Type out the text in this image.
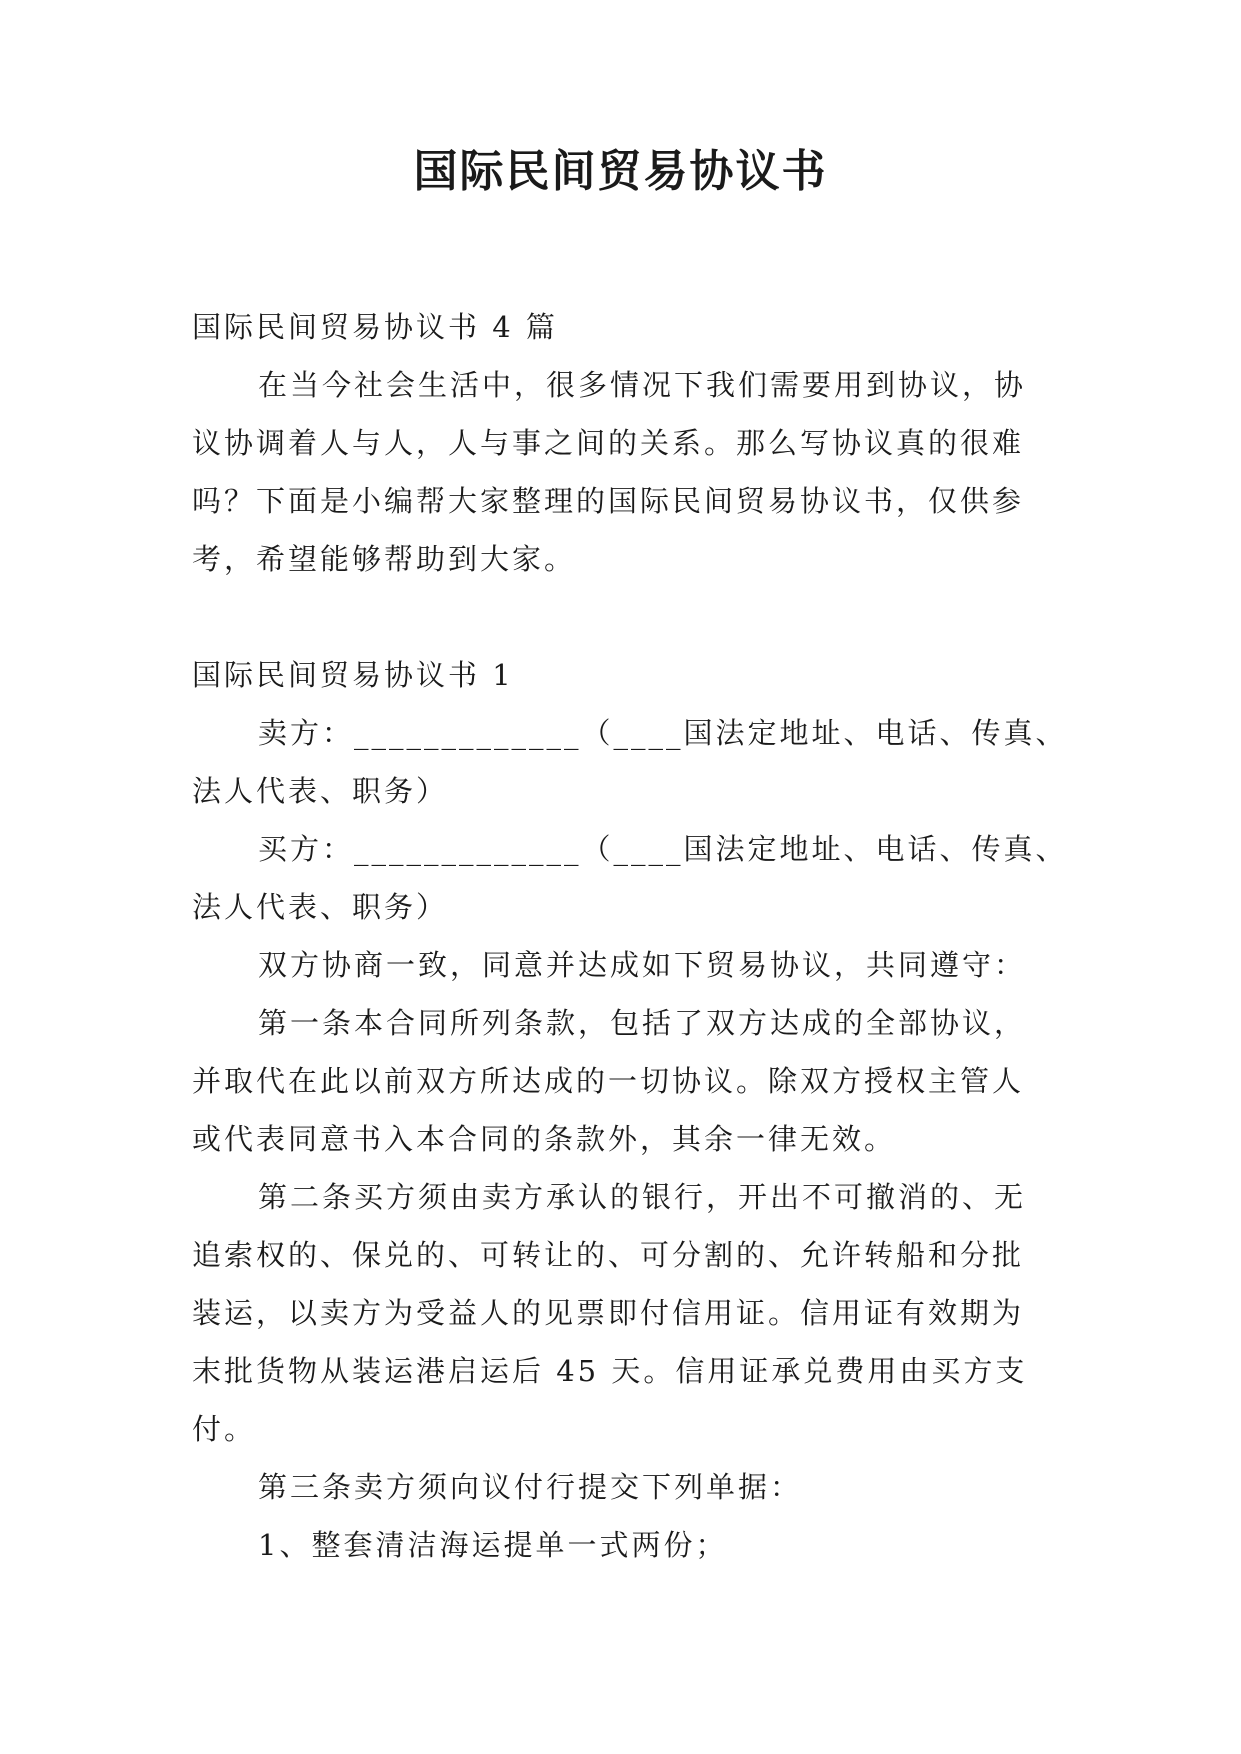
国际民间贸易协议书
国际民间贸易协议书 4 篇
在当今社会生活中，很多情况下我们需要用到协议，协
议协调着人与人，人与事之间的关系。那么写协议真的很难
吗？下面是小编帮大家整理的国际民间贸易协议书，仅供参
考，希望能够帮助到大家。
国际民间贸易协议书 1
卖方：_____________（____国法定地址、电话、传真、
法人代表、职务）
买方：_____________（____国法定地址、电话、传真、
法人代表、职务）
双方协商一致，同意并达成如下贸易协议，共同遵守：
第一条本合同所列条款，包括了双方达成的全部协议，
并取代在此以前双方所达成的一切协议。除双方授权主管人
或代表同意书入本合同的条款外，其余一律无效。
第二条买方须由卖方承认的银行，开出不可撤消的、无
追索权的、保兑的、可转让的、可分割的、允许转船和分批
装运，以卖方为受益人的见票即付信用证。信用证有效期为
末批货物从装运港启运后 45 天。信用证承兑费用由买方支
付。
第三条卖方须向议付行提交下列单据：
1、整套清洁海运提单一式两份；
